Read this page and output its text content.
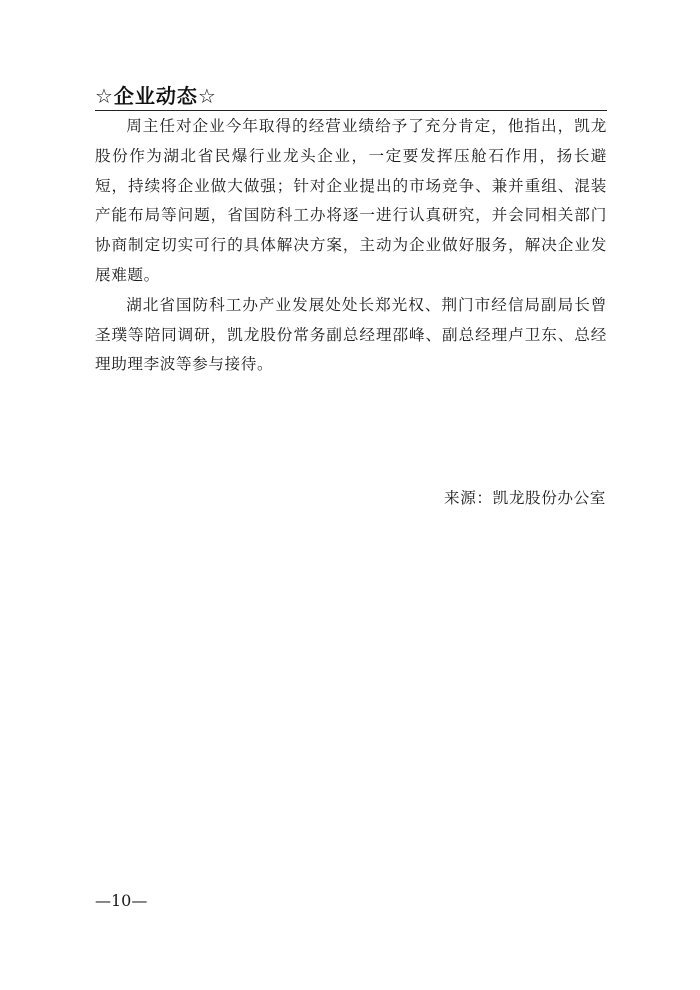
☆企业动态☆

周主任对企业今年取得的经营业绩给予了充分肯定，他指出，凯龙股份作为湖北省民爆行业龙头企业，一定要发挥压舱石作用，扬长避短，持续将企业做大做强；针对企业提出的市场竞争、兼并重组、混装产能布局等问题，省国防科工办将逐一进行认真研究，并会同相关部门协商制定切实可行的具体解决方案，主动为企业做好服务，解决企业发展难题。

湖北省国防科工办产业发展处处长郑光权、荆门市经信局副局长曾圣璞等陪同调研，凯龙股份常务副总经理邵峰、副总经理卢卫东、总经理助理李波等参与接待。

来源：凯龙股份办公室
—10—
